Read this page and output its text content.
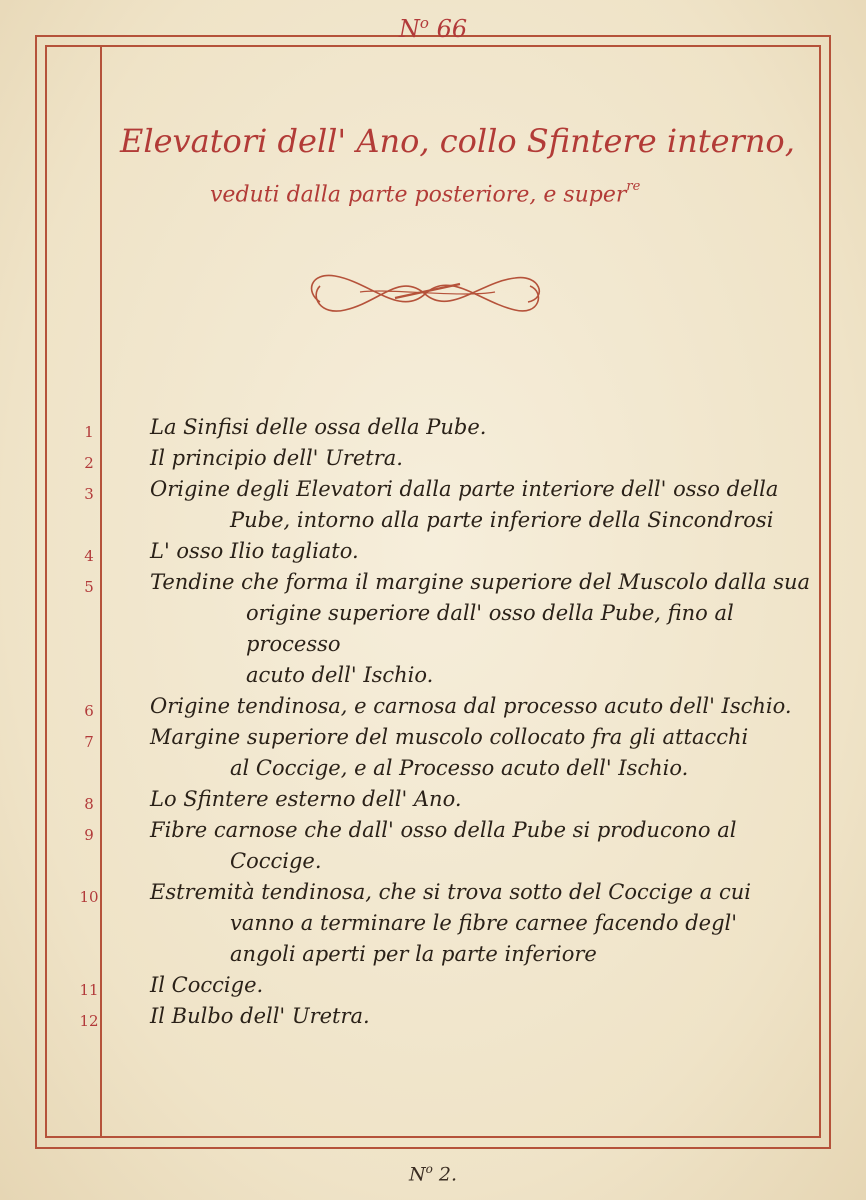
$N^o$ 66
Elevatori dell' Ano, collo Sfintere interno,
veduti dalla parte posteriore, e super$^{re}$
1	La Sinfisi delle ossa della Pube.
2	Il principio dell' Uretra.
3	Origine degli Elevatori dalla parte interiore dell' osso della
Pube, intorno alla parte inferiore della Sincondrosi
4	L' osso Ilio tagliato.
5	Tendine che forma il margine superiore del Muscolo dalla sua
origine superiore dall' osso della Pube, fino al processo
acuto dell' Ischio.
6	Origine tendinosa, e carnosa dal processo acuto dell' Ischio.
7	Margine superiore del muscolo collocato fra gli attacchi
al Coccige, e al Processo acuto dell' Ischio.
8	Lo Sfintere esterno dell' Ano.
9	Fibre carnose che dall' osso della Pube si producono al
Coccige.
10	Estremità tendinosa, che si trova sotto del Coccige a cui
vanno a terminare le fibre carnee facendo degl'
angoli aperti per la parte inferiore
11	Il Coccige.
12	Il Bulbo dell' Uretra.
$N^o$ 2.
